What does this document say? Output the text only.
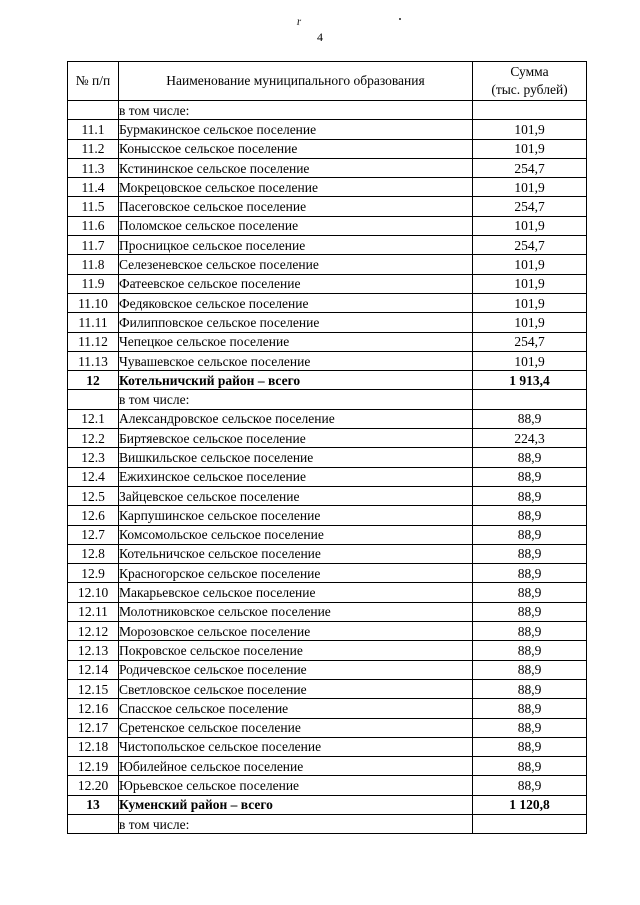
r
4
№ п/п	Наименование муниципального образования	Сумма
(тыс. рублей)

	в том числе:	
11.1	Бурмакинское сельское поселение	101,9
11.2	Конысское сельское поселение	101,9
11.3	Кстининское сельское поселение	254,7
11.4	Мокрецовское сельское поселение	101,9
11.5	Пасеговское сельское поселение	254,7
11.6	Поломское сельское поселение	101,9
11.7	Просницкое сельское поселение	254,7
11.8	Селезеневское сельское поселение	101,9
11.9	Фатеевское сельское поселение	101,9
11.10	Федяковское сельское поселение	101,9
11.11	Филипповское сельское поселение	101,9
11.12	Чепецкое сельское поселение	254,7
11.13	Чувашевское сельское поселение	101,9
12	Котельничский район – всего	1 913,4
	в том числе:	
12.1	Александровское сельское поселение	88,9
12.2	Биртяевское сельское поселение	224,3
12.3	Вишкильское сельское поселение	88,9
12.4	Ежихинское сельское поселение	88,9
12.5	Зайцевское сельское поселение	88,9
12.6	Карпушинское сельское поселение	88,9
12.7	Комсомольское сельское поселение	88,9
12.8	Котельничское сельское поселение	88,9
12.9	Красногорское сельское поселение	88,9
12.10	Макарьевское сельское поселение	88,9
12.11	Молотниковское сельское поселение	88,9
12.12	Морозовское сельское поселение	88,9
12.13	Покровское сельское поселение	88,9
12.14	Родичевское сельское поселение	88,9
12.15	Светловское сельское поселение	88,9
12.16	Спасское сельское поселение	88,9
12.17	Сретенское сельское поселение	88,9
12.18	Чистопольское сельское поселение	88,9
12.19	Юбилейное сельское поселение	88,9
12.20	Юрьевское сельское поселение	88,9
13	Куменский район – всего	1 120,8
	в том числе:	
